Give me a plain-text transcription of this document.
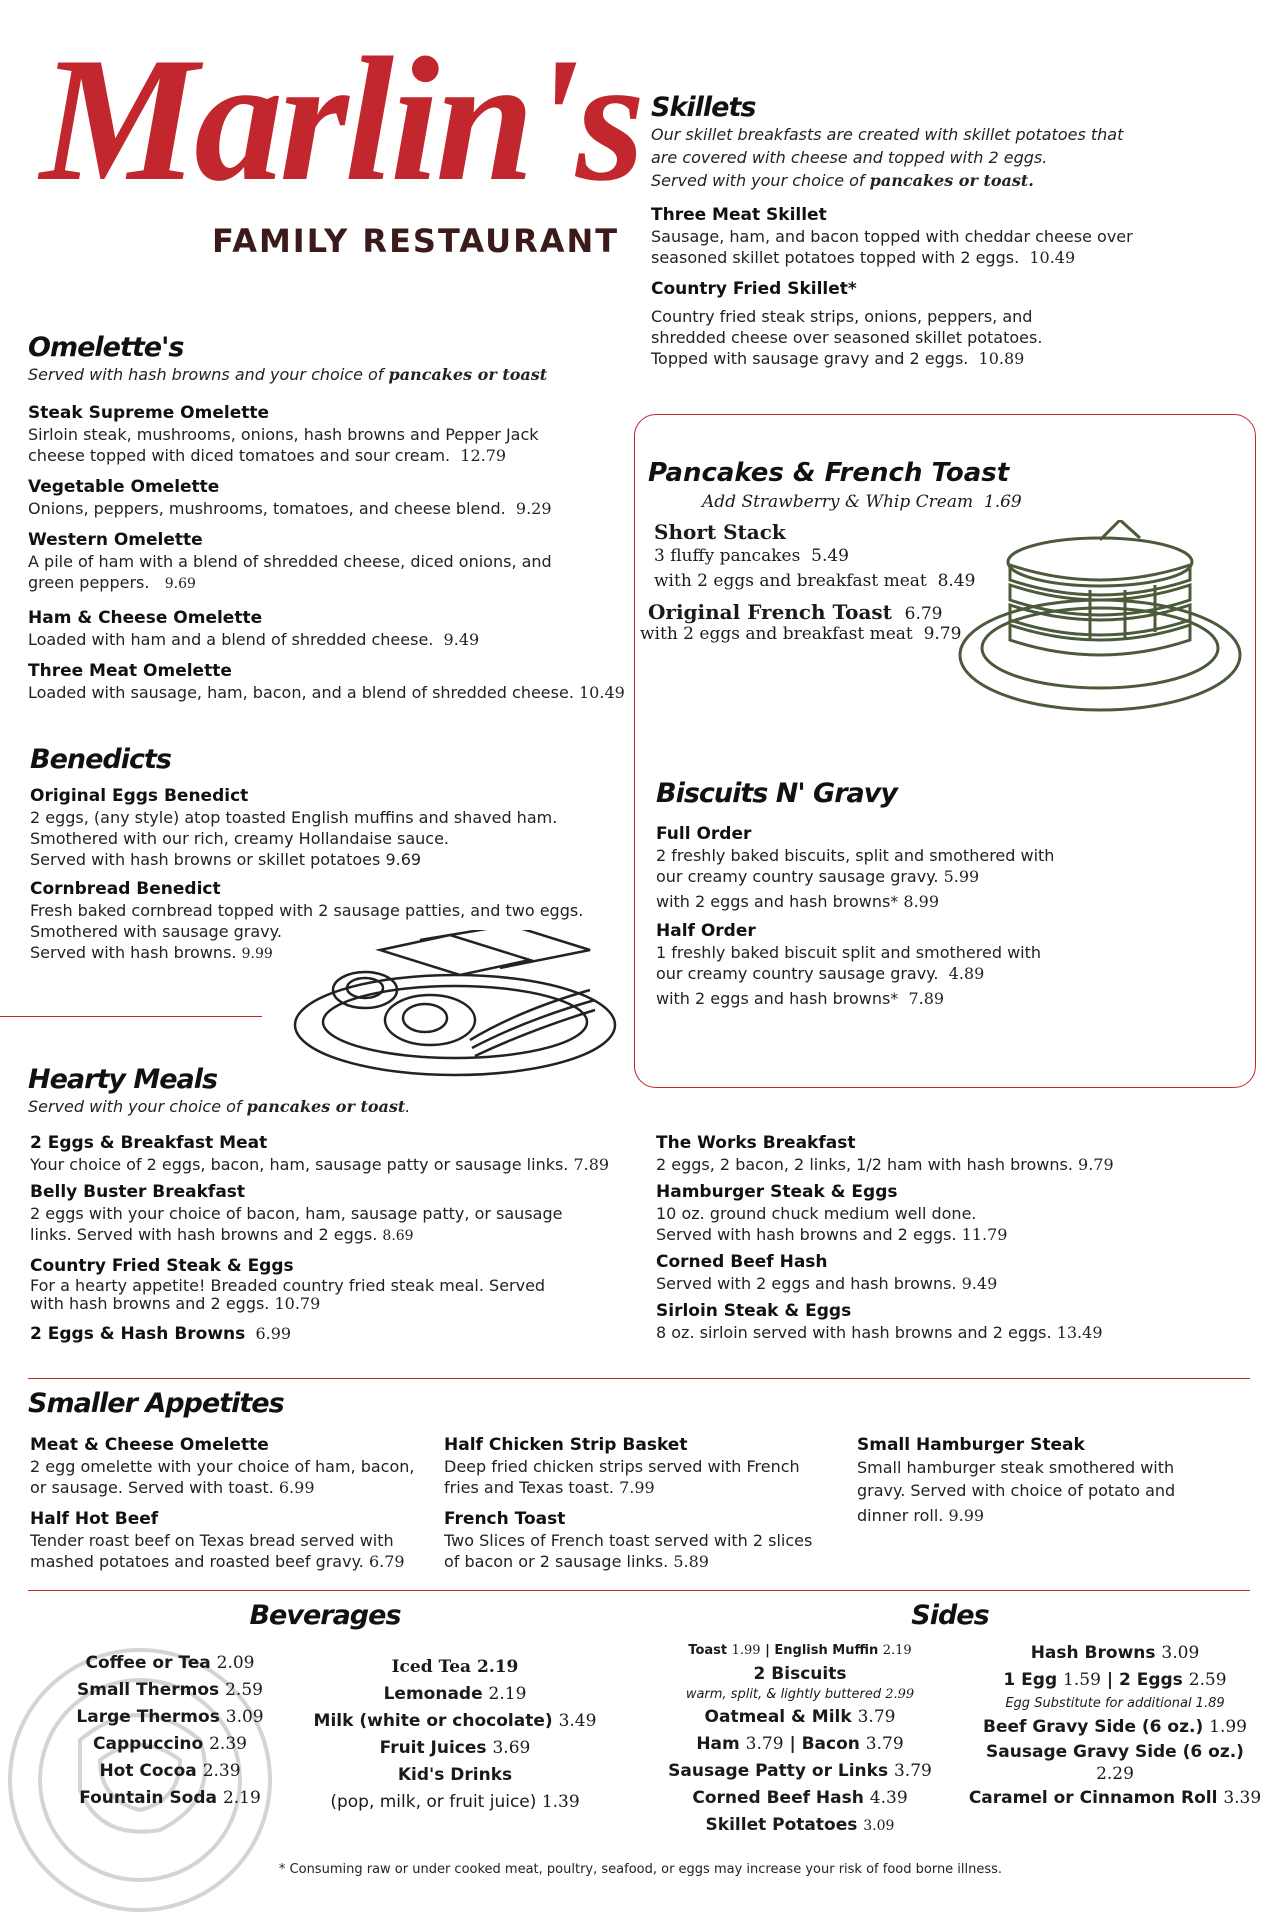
Marlin's
FAMILY RESTAURANT
Skillets
Our skillet breakfasts are created with skillet potatoes that
are covered with cheese and topped with 2 eggs.
Served with your choice of pancakes or toast.
Three Meat Skillet
Sausage, ham, and bacon topped with cheddar cheese over
seasoned skillet potatoes topped with 2 eggs. 10.49
Country Fried Skillet*
Country fried steak strips, onions, peppers, and
shredded cheese over seasoned skillet potatoes.
Topped with sausage gravy and 2 eggs. 10.89
Omelette's
Served with hash browns and your choice of pancakes or toast
Steak Supreme Omelette
Sirloin steak, mushrooms, onions, hash browns and Pepper Jack
cheese topped with diced tomatoes and sour cream. 12.79
Vegetable Omelette
Onions, peppers, mushrooms, tomatoes, and cheese blend. 9.29
Western Omelette
A pile of ham with a blend of shredded cheese, diced onions, and
green peppers. 9.69
Ham & Cheese Omelette
Loaded with ham and a blend of shredded cheese. 9.49
Three Meat Omelette
Loaded with sausage, ham, bacon, and a blend of shredded cheese. 10.49
Pancakes & French Toast
Add Strawberry & Whip Cream 1.69
Short Stack
3 fluffy pancakes 5.49
with 2 eggs and breakfast meat 8.49
Original French Toast 6.79
with 2 eggs and breakfast meat 9.79
Biscuits N' Gravy
Full Order
2 freshly baked biscuits, split and smothered with
our creamy country sausage gravy. 5.99
with 2 eggs and hash browns* 8.99
Half Order
1 freshly baked biscuit split and smothered with
our creamy country sausage gravy. 4.89
with 2 eggs and hash browns* 7.89
Benedicts
Original Eggs Benedict
2 eggs, (any style) atop toasted English muffins and shaved ham.
Smothered with our rich, creamy Hollandaise sauce.
Served with hash browns or skillet potatoes 9.69
Cornbread Benedict
Fresh baked cornbread topped with 2 sausage patties, and two eggs.
Smothered with sausage gravy.
Served with hash browns. 9.99
Hearty Meals
Served with your choice of pancakes or toast.
2 Eggs & Breakfast Meat
Your choice of 2 eggs, bacon, ham, sausage patty or sausage links. 7.89
Belly Buster Breakfast
2 eggs with your choice of bacon, ham, sausage patty, or sausage
links. Served with hash browns and 2 eggs. 8.69
Country Fried Steak & Eggs
For a hearty appetite! Breaded country fried steak meal. Served
with hash browns and 2 eggs. 10.79
2 Eggs & Hash Browns 6.99
The Works Breakfast
2 eggs, 2 bacon, 2 links, 1/2 ham with hash browns. 9.79
Hamburger Steak & Eggs
10 oz. ground chuck medium well done.
Served with hash browns and 2 eggs. 11.79
Corned Beef Hash
Served with 2 eggs and hash browns. 9.49
Sirloin Steak & Eggs
8 oz. sirloin served with hash browns and 2 eggs. 13.49
Smaller Appetites
Meat & Cheese Omelette
2 egg omelette with your choice of ham, bacon,
or sausage. Served with toast. 6.99
Half Hot Beef
Tender roast beef on Texas bread served with
mashed potatoes and roasted beef gravy. 6.79
Half Chicken Strip Basket
Deep fried chicken strips served with French
fries and Texas toast. 7.99
French Toast
Two Slices of French toast served with 2 slices
of bacon or 2 sausage links. 5.89
Small Hamburger Steak
Small hamburger steak smothered with
gravy. Served with choice of potato and
dinner roll. 9.99
Beverages
Coffee or Tea 2.09
Small Thermos 2.59
Large Thermos 3.09
Cappuccino 2.39
Hot Cocoa 2.39
Fountain Soda 2.19
Iced Tea 2.19
Lemonade 2.19
Milk (white or chocolate) 3.49
Fruit Juices 3.69
Kid's Drinks
(pop, milk, or fruit juice) 1.39
Sides
Toast 1.99 | English Muffin 2.19
2 Biscuits
warm, split, & lightly buttered 2.99
Oatmeal & Milk 3.79
Ham 3.79 | Bacon 3.79
Sausage Patty or Links 3.79
Corned Beef Hash 4.39
Skillet Potatoes 3.09
Hash Browns 3.09
1 Egg 1.59 | 2 Eggs 2.59
Egg Substitute for additional 1.89
Beef Gravy Side (6 oz.) 1.99
Sausage Gravy Side (6 oz.) 2.29
Caramel or Cinnamon Roll 3.39
* Consuming raw or under cooked meat, poultry, seafood, or eggs may increase your risk of food borne illness.
